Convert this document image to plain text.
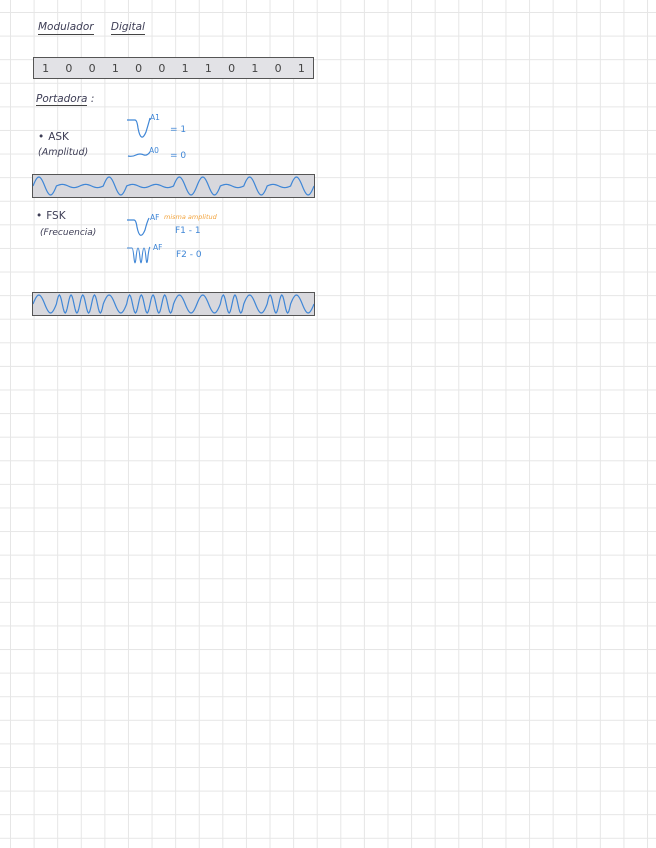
Modulador Digital
1 0 0 1 0 0 1 1 0 1 0 1
Portadora :
• ASK
(Amplitud)
A1
= 1
A0
= 0
• FSK
(Frecuencia)
AF misma amplitud
F1 - 1
AF
F2 - 0
